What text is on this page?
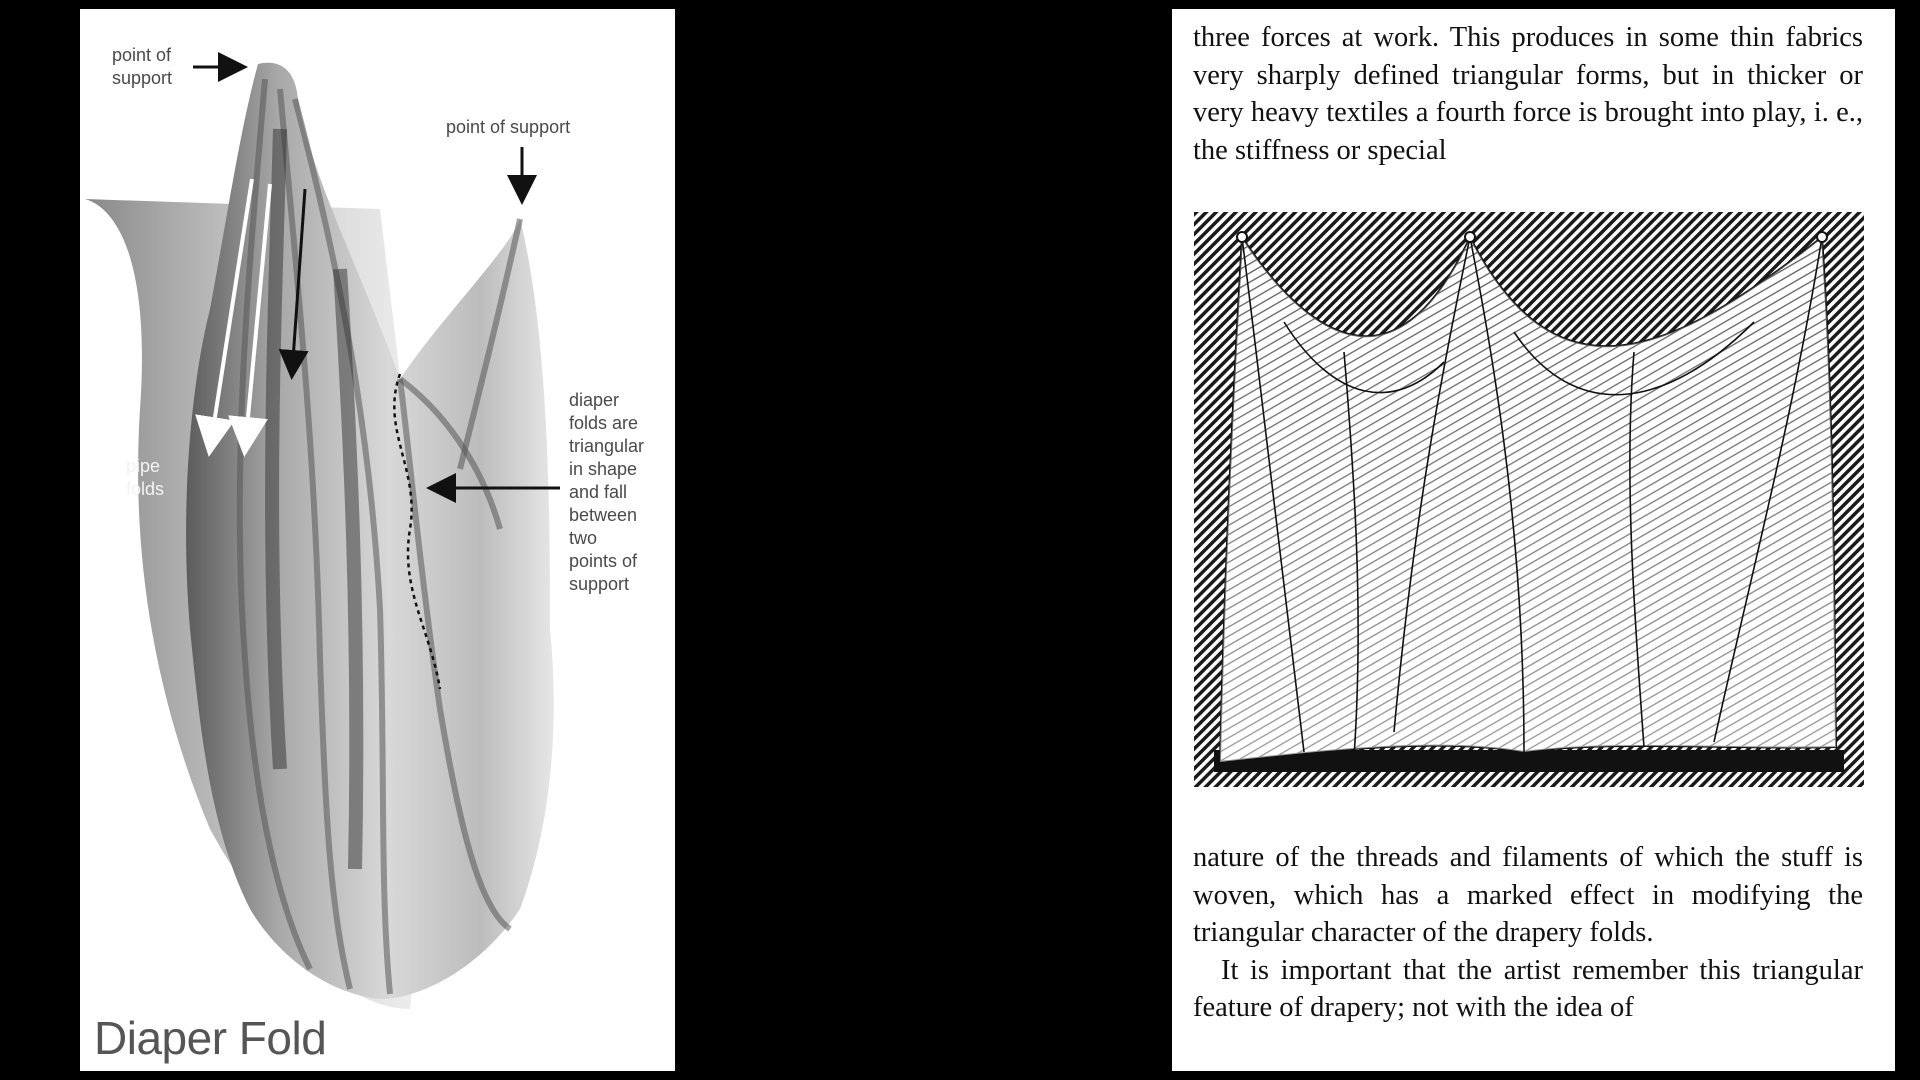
point of
support
point of support
diaper
folds are
triangular
in shape
and fall
between
two
points of
support
pipe
folds
Diaper Fold

three forces at work. This produces in some thin fabrics very sharply defined triangular forms, but in thicker or very heavy textiles a fourth force is brought into play, i. e., the stiffness or special

nature of the threads and filaments of which the stuff is woven, which has a marked effect in modifying the triangular character of the drapery folds.
It is important that the artist remember this triangular feature of drapery; not with the idea of
